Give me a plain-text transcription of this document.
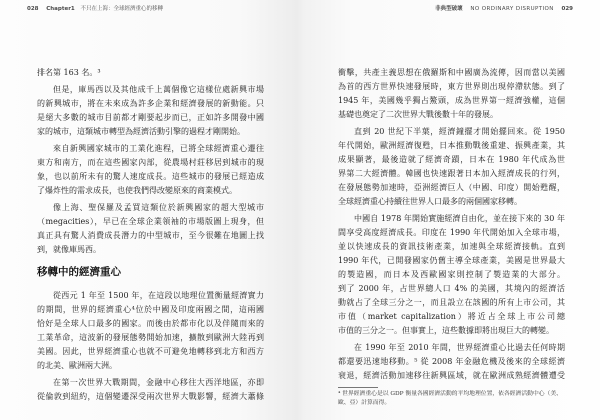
028 Chapter1 不只在上海：全球經濟重心的移轉	非典型破壞 NO ORDINARY DISRUPTION 029
排名第 163 名。³
但是，庫馬西以及其他成千上萬個像它這樣位處新興市場
的新興城市，將在未來成為許多企業和經濟發展的新動能。只
是絕大多數的城市目前都才剛要起步而已，正如許多開發中國
家的城市，這類城市轉型為經濟活動引擎的過程才剛開始。
來自新興國家城市的工業化進程，已將全球經濟重心遷往
東方和南方，而在這些國家內部，從農場村莊移居到城市的現
象，也以前所未有的驚人速度成長。這些城市的發展已經造成
了爆炸性的需求成長，也使我們得改變原來的商業模式。
像上海、聖保羅及孟買這類位於新興國家的超大型城市
（megacities），早已在全球企業領袖的市場版圖上現身，但
真正具有驚人消費成長潛力的中型城市，至今很難在地圖上找
到，就像庫馬西。
移轉中的經濟重心
從西元 1 年至 1500 年，在這段以地理位置衡量經濟實力
的期間，世界的經濟重心⁴位於中國及印度兩國之間，這兩國
恰好是全球人口最多的國家。而後由於都市化以及伴隨而來的
工業革命，這波新的發展態勢開始加速，擴散到歐洲大陸再到
美國。因此，世界經濟重心也就不可避免地轉移到北方和西方
的北美、歐洲兩大洲。
在第一次世界大戰期間，金融中心移往大西洋地區，亦即
從倫敦到紐約，這個變遷深受兩次世界大戰影響，經濟大蕭條
衝擊，共產主義思想在俄羅斯和中國廣為流傳，因而當以美國
為首的西方世界快速發展時，東方世界則出現停滯狀態。到了
1945 年，美國幾乎獨占鰲頭，成為世界第一經濟強權，這個
基礎也奠定了二次世界大戰後數十年的發展。
直到 20 世紀下半葉，經濟鐘擺才開始擺回來。從 1950
年代開始，歐洲經濟復甦，日本推動戰後重建、振興產業，其
成果顯著，最後造就了經濟奇蹟，日本在 1980 年代成為世
界第二大經濟體。韓國也快速跟著日本加入經濟成長的行列，
在發展態勢加速時，亞洲經濟巨人（中國、印度）開始甦醒，
全球經濟重心持續往世界人口最多的兩個國家移轉。
中國自 1978 年開始實施經濟自由化，並在接下來的 30 年
間享受高度經濟成長。印度在 1990 年代開始加入全球市場，
並以快速成長的資訊技術產業，加速與全球經濟接軌。直到
1990 年代，已開發國家仍舊主導全球產業，美國是世界最大
的製造國，而日本及西歐國家則控制了製造業的大部分。
到了 2000 年，占世界總人口 4% 的美國，其境內的經濟活
動就占了全球三分之一，而且設立在該國的所有上市公司，其
市值（market capitalization）將近占全球上市公司總
市值的三分之一。但事實上，這些數據即將出現巨大的轉變。
在 1990 年至 2010 年間，世界經濟重心比過去任何時期
都還要迅速地移動。⁵ 從 2008 年金融危機及後來的全球經濟
衰退，經濟活動加速移往新興區域，就在歐洲成熟經濟體遭受
⁴ 世界經濟重心是以 GDP 衡量各國經濟活動的平均地理位置，依各經濟活動中心（美、
歐、亞）計算而得。
